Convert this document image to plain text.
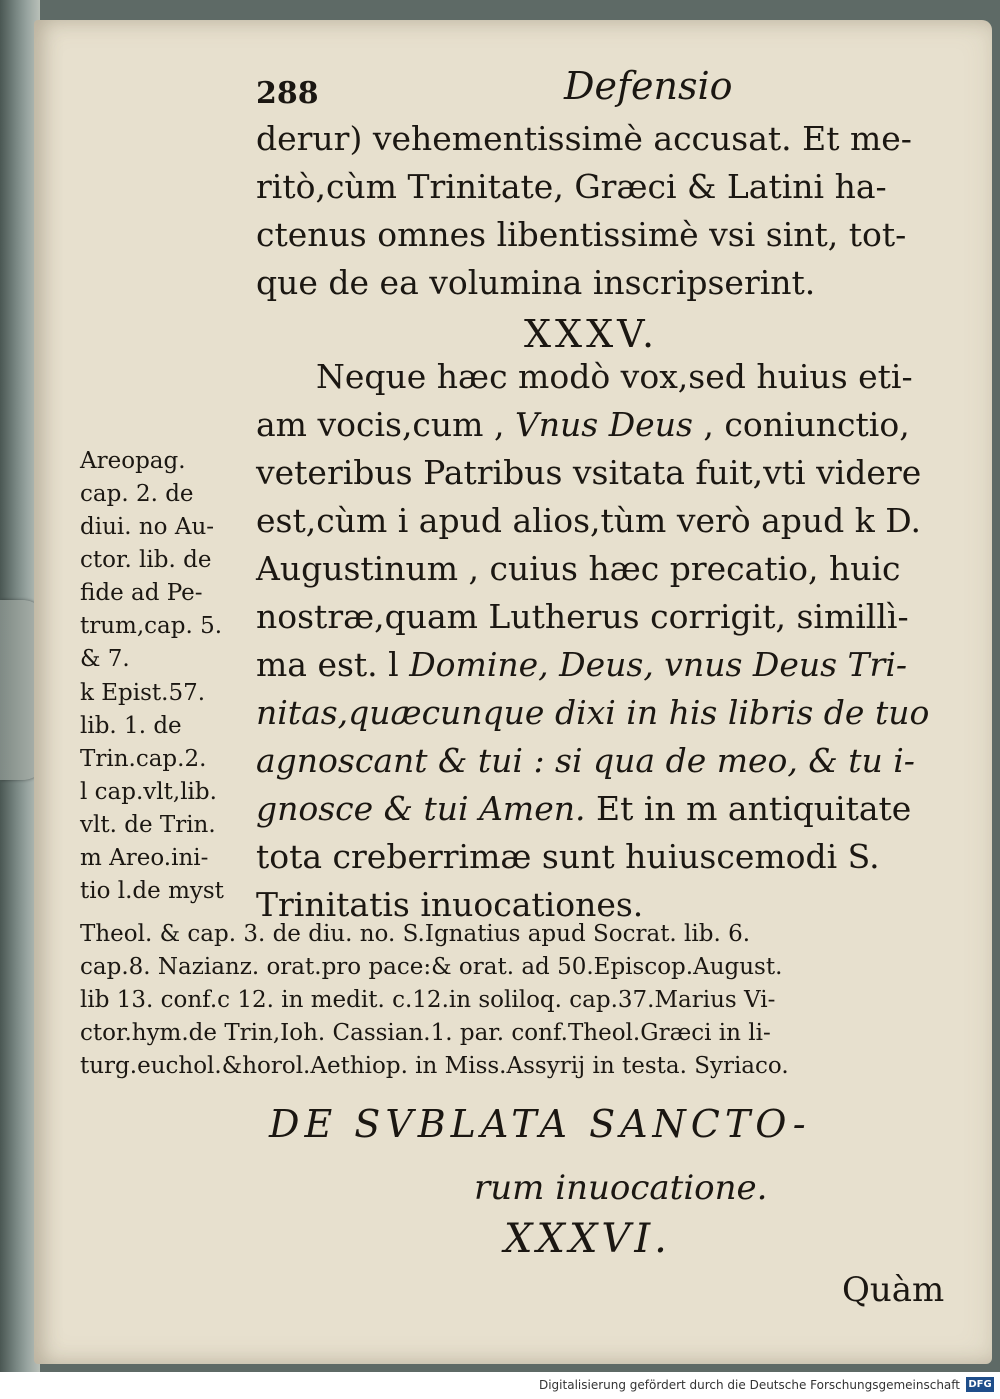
288	Defensio
derur) vehementissimè accusat. Et me-
ritò,cùm Trinitate, Græci & Latini ha-
ctenus omnes libentissimè vsi sint, tot-
que de ea volumina inscripserint.
XXXV.
Neque hæc modò vox,sed huius eti-
am vocis,cum , Vnus Deus , coniunctio,
veteribus Patribus vsitata fuit,vti videre
est,cùm i apud alios,tùm verò apud k D.
Augustinum , cuius hæc precatio, huic
nostræ,quam Lutherus corrigit, simillì-
ma est. l Domine, Deus, vnus Deus Tri-
nitas,quæcunque dixi in his libris de tuo
agnoscant & tui : si qua de meo, & tu i-
gnosce & tui Amen. Et in m antiquitate
tota creberrimæ sunt huiuscemodi S.
Trinitatis inuocationes.
Areopag.
cap. 2. de
diui. no Au-
ctor. lib. de
fide ad Pe-
trum,cap. 5.
& 7.
k Epist.57.
lib. 1. de
Trin.cap.2.
l cap.vlt,lib.
vlt. de Trin.
m Areo.ini-
tio l.de myst
Theol. & cap. 3. de diu. no. S.Ignatius apud Socrat. lib. 6.
cap.8. Nazianz. orat.pro pace:& orat. ad 50.Episcop.August.
lib 13. conf.c 12. in medit. c.12.in soliloq. cap.37.Marius Vi-
ctor.hym.de Trin,Ioh. Cassian.1. par. conf.Theol.Græci in li-
turg.euchol.&horol.Aethiop. in Miss.Assyrij in testa. Syriaco.
DE SVBLATA SANCTO-
rum inuocatione.
XXXVI.
Quàm
Digitalisierung gefördert durch die Deutsche Forschungsgemeinschaft DFG
